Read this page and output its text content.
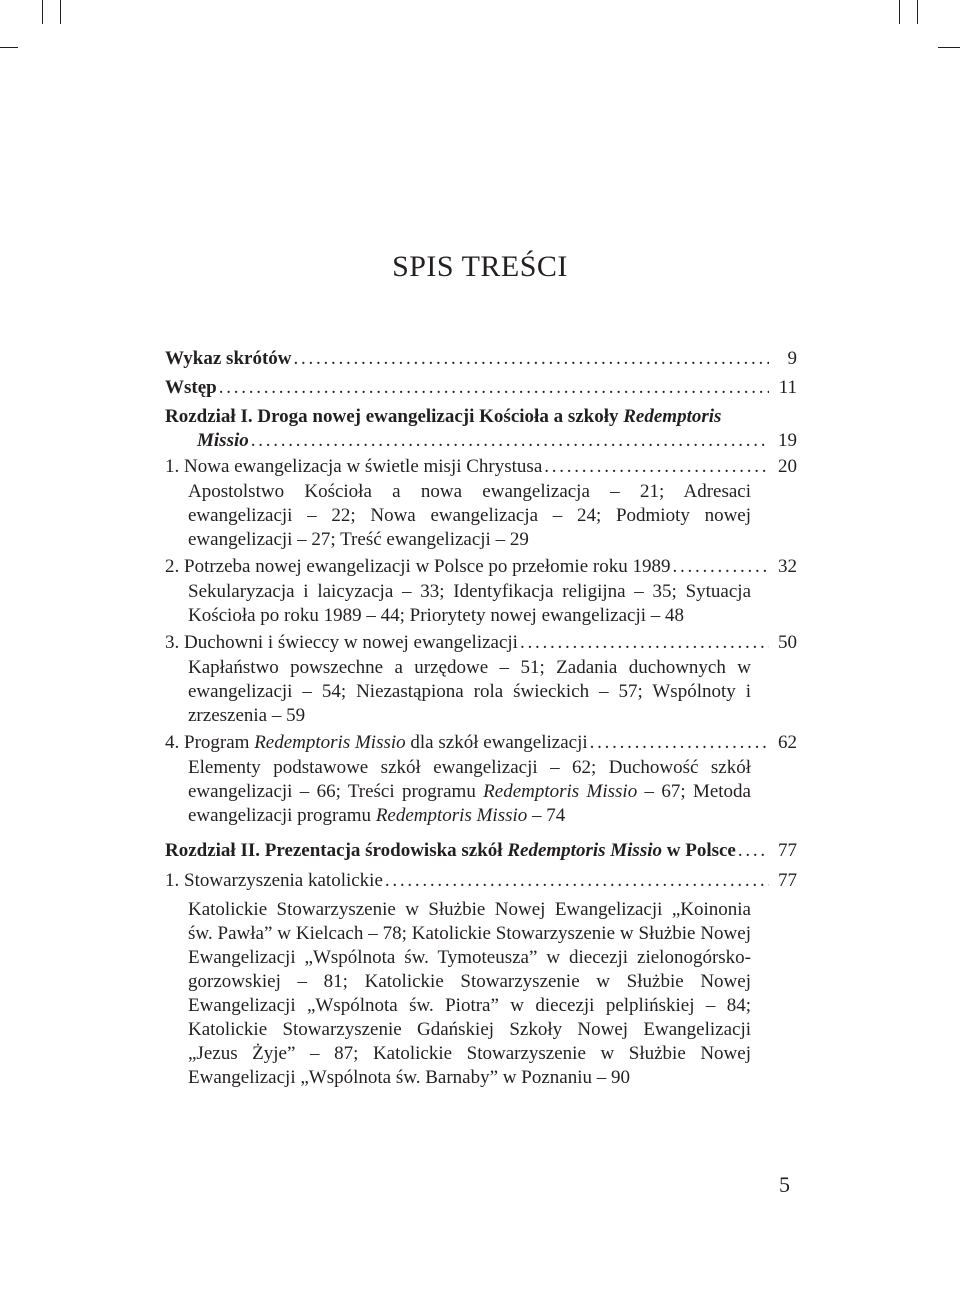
SPIS TREŚCI
Wykaz skrótów . . .	9
Wstęp . . .	11
Rozdział I. Droga nowej ewangelizacji Kościoła a szkoły Redemptoris
Missio . . .	19
1. Nowa ewangelizacja w świetle misji Chrystusa . . .	20
Apostolstwo Kościoła a nowa ewangelizacja – 21; Adresaci ewangelizacji – 22; Nowa ewangelizacja – 24; Podmioty nowej ewangelizacji – 27; Treść ewangelizacji – 29
2. Potrzeba nowej ewangelizacji w Polsce po przełomie roku 1989 . . .	32
Sekularyzacja i laicyzacja – 33; Identyfikacja religijna – 35; Sytuacja Kościoła po roku 1989 – 44; Priorytety nowej ewangelizacji – 48
3. Duchowni i świeccy w nowej ewangelizacji . . .	50
Kapłaństwo powszechne a urzędowe – 51; Zadania duchownych w ewangelizacji – 54; Niezastąpiona rola świeckich – 57; Wspólnoty i zrzeszenia – 59
4. Program Redemptoris Missio dla szkół ewangelizacji . . .	62
Elementy podstawowe szkół ewangelizacji – 62; Duchowość szkół ewangelizacji – 66; Treści programu Redemptoris Missio – 67; Metoda ewangelizacji programu Redemptoris Missio – 74
Rozdział II. Prezentacja środowiska szkół Redemptoris Missio w Polsce . . . 77
1. Stowarzyszenia katolickie . . .	77
Katolickie Stowarzyszenie w Służbie Nowej Ewangelizacji „Koinonia św. Pawła” w Kielcach – 78; Katolickie Stowarzyszenie w Służbie Nowej Ewangelizacji „Wspólnota św. Tymoteusza” w diecezji zielonogórsko-gorzowskiej – 81; Katolickie Stowarzyszenie w Służbie Nowej Ewangelizacji „Wspólnota św. Piotra” w diecezji pelplińskiej – 84; Katolickie Stowarzyszenie Gdańskiej Szkoły Nowej Ewangelizacji „Jezus Żyje” – 87; Katolickie Stowarzyszenie w Służbie Nowej Ewangelizacji „Wspólnota św. Barnaby” w Poznaniu – 90
5
